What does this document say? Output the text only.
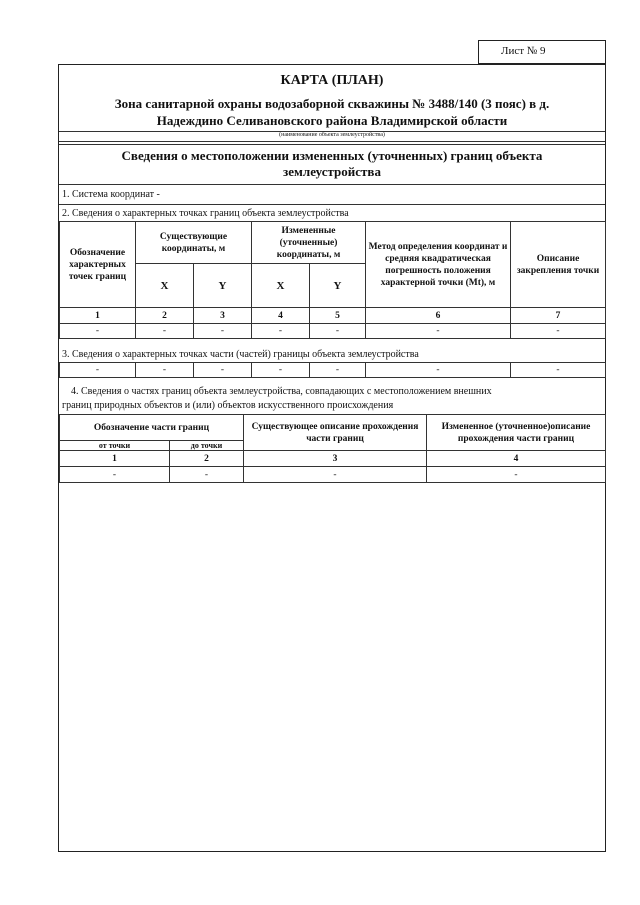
Лист № 9
КАРТА (ПЛАН)
Зона санитарной охраны водозаборной скважины № 3488/140 (3 пояс) в д.
Надеждино Селивановского района Владимирской области
(наименование объекта землеустройства)
Сведения о местоположении измененных (уточненных) границ объекта
землеустройства
1. Система координат -
2. Сведения о характерных точках границ объекта землеустройства
Обозначение характерных точек границ	Существующие координаты, м		Измененные (уточненные) координаты, м		Метод определения координат и средняя квадратическая погрешность положения характерной точки (Mt), м	Описание закрепления точки
	X	Y	X	Y		
1	2	3	4	5	6	7
-	-	-	-	-	-	-
3. Сведения о характерных точках части (частей) границы объекта землеустройства
-	-	-	-	-	-	-
4. Сведения о частях границ объекта землеустройства, совпадающих с местоположением внешних
границ природных объектов и (или) объектов искусственного происхождения
Обозначение части границ		Существующее описание прохождения части границ	Измененное (уточненное)описание прохождения части границ
от точки	до точки		
1	2	3	4
-	-	-	-
